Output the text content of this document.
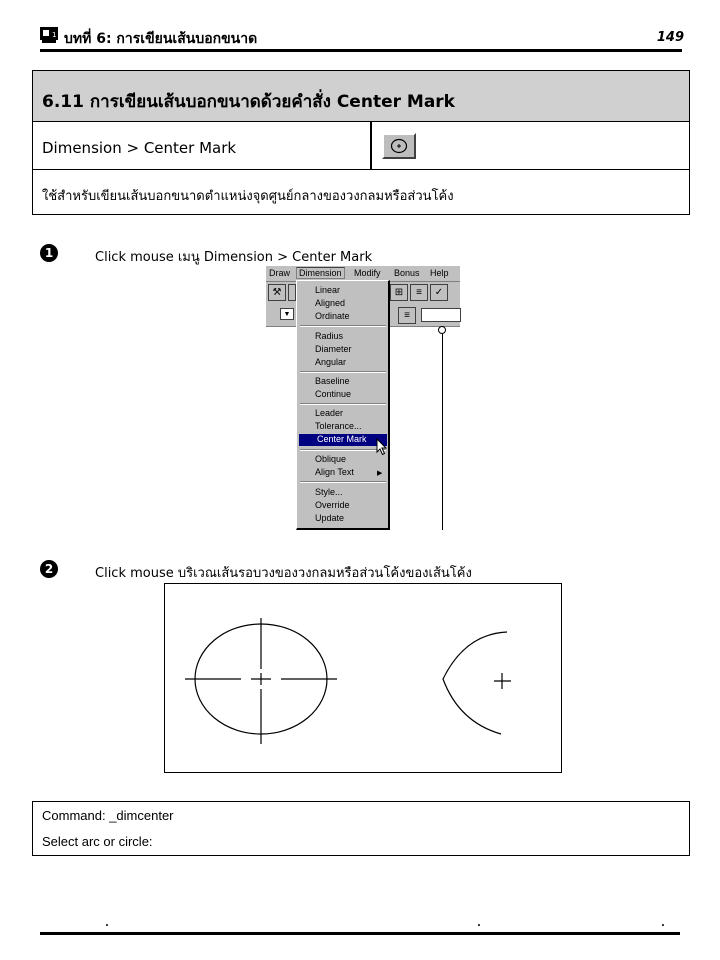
1 บทที่ 6: การเขียนเส้นบอกขนาด	149
6.11 การเขียนเส้นบอกขนาดด้วยคำสั่ง Center Mark
Dimension > Center Mark
ใช้สำหรับเขียนเส้นบอกขนาดตำแหน่งจุดศูนย์กลางของวงกลมหรือส่วนโค้ง
1	Click mouse เมนู Dimension > Center Mark
Draw Dimension	Modify Bonus Help
⚒	⊞	≡	✓
▼	≡
Linear
Aligned
Ordinate
Radius
Diameter
Angular
Baseline
Continue
Leader
Tolerance...
Center Mark
Oblique
Align Text	▶
Style...
Override
Update
2	Click mouse บริเวณเส้นรอบวงของวงกลมหรือส่วนโค้งของเส้นโค้ง
Command: _dimcenter
Select arc or circle:
